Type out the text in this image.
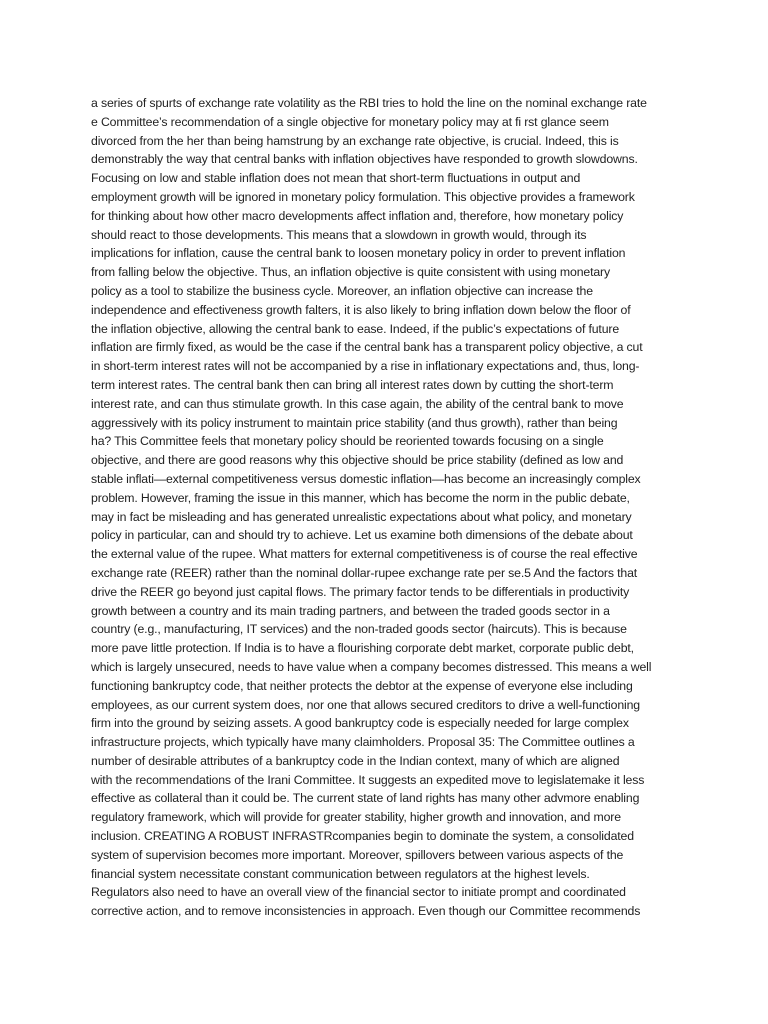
a series of spurts of exchange rate volatility as the RBI tries to hold the line on the nominal exchange rate
e Committee’s recommendation of a single objective for monetary policy may at fi rst glance seem
divorced from the her than being hamstrung by an exchange rate objective, is crucial. Indeed, this is
demonstrably the way that central banks with inflation objectives have responded to growth slowdowns.
Focusing on low and stable inflation does not mean that short-term fluctuations in output and
employment growth will be ignored in monetary policy formulation. This objective provides a framework
for thinking about how other macro developments affect inflation and, therefore, how monetary policy
should react to those developments. This means that a slowdown in growth would, through its
implications for inflation, cause the central bank to loosen monetary policy in order to prevent inflation
from falling below the objective. Thus, an inflation objective is quite consistent with using monetary
policy as a tool to stabilize the business cycle. Moreover, an inflation objective can increase the
independence and effectiveness growth falters, it is also likely to bring inflation down below the floor of
the inflation objective, allowing the central bank to ease. Indeed, if the public’s expectations of future
inflation are firmly fixed, as would be the case if the central bank has a transparent policy objective, a cut
in short-term interest rates will not be accompanied by a rise in inflationary expectations and, thus, long-
term interest rates. The central bank then can bring all interest rates down by cutting the short-term
interest rate, and can thus stimulate growth. In this case again, the ability of the central bank to move
aggressively with its policy instrument to maintain price stability (and thus growth), rather than being
ha? This Committee feels that monetary policy should be reoriented towards focusing on a single
objective, and there are good reasons why this objective should be price stability (defined as low and
stable inflati—external competitiveness versus domestic inflation—has become an increasingly complex
problem. However, framing the issue in this manner, which has become the norm in the public debate,
may in fact be misleading and has generated unrealistic expectations about what policy, and monetary
policy in particular, can and should try to achieve. Let us examine both dimensions of the debate about
the external value of the rupee. What matters for external competitiveness is of course the real effective
exchange rate (REER) rather than the nominal dollar-rupee exchange rate per se.5 And the factors that
drive the REER go beyond just capital flows. The primary factor tends to be differentials in productivity
growth between a country and its main trading partners, and between the traded goods sector in a
country (e.g., manufacturing, IT services) and the non-traded goods sector (haircuts). This is because
more pave little protection. If India is to have a flourishing corporate debt market, corporate public debt,
which is largely unsecured, needs to have value when a company becomes distressed. This means a well
functioning bankruptcy code, that neither protects the debtor at the expense of everyone else including
employees, as our current system does, nor one that allows secured creditors to drive a well-functioning
firm into the ground by seizing assets. A good bankruptcy code is especially needed for large complex
infrastructure projects, which typically have many claimholders. Proposal 35: The Committee outlines a
number of desirable attributes of a bankruptcy code in the Indian context, many of which are aligned
with the recommendations of the Irani Committee. It suggests an expedited move to legislatemake it less
effective as collateral than it could be. The current state of land rights has many other advmore enabling
regulatory framework, which will provide for greater stability, higher growth and innovation, and more
inclusion. CREATING A ROBUST INFRASTRcompanies begin to dominate the system, a consolidated
system of supervision becomes more important. Moreover, spillovers between various aspects of the
financial system necessitate constant communication between regulators at the highest levels.
Regulators also need to have an overall view of the financial sector to initiate prompt and coordinated
corrective action, and to remove inconsistencies in approach. Even though our Committee recommends
